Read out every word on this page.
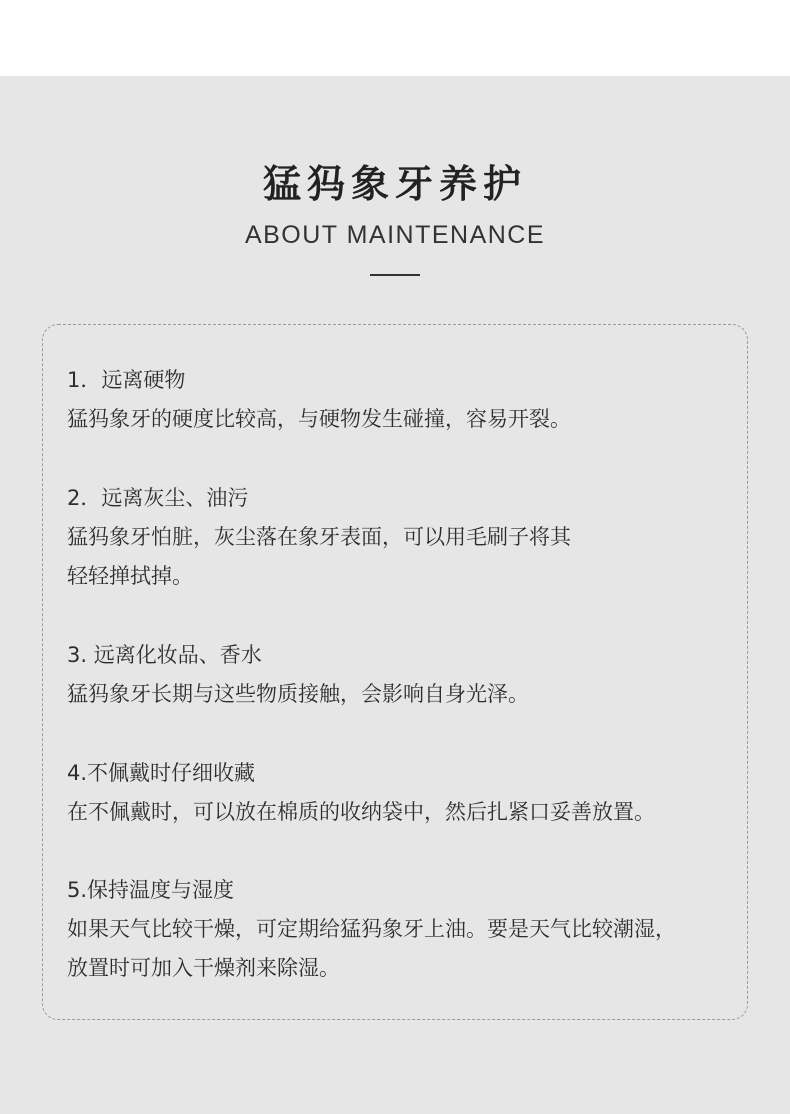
猛犸象牙养护
ABOUT MAINTENANCE
1．远离硬物
猛犸象牙的硬度比较高，与硬物发生碰撞，容易开裂。
2．远离灰尘、油污
猛犸象牙怕脏，灰尘落在象牙表面，可以用毛刷子将其
轻轻掸拭掉。
3. 远离化妆品、香水
猛犸象牙长期与这些物质接触，会影响自身光泽。
4.不佩戴时仔细收藏
在不佩戴时，可以放在棉质的收纳袋中，然后扎紧口妥善放置。
5.保持温度与湿度
如果天气比较干燥，可定期给猛犸象牙上油。要是天气比较潮湿，
放置时可加入干燥剂来除湿。
